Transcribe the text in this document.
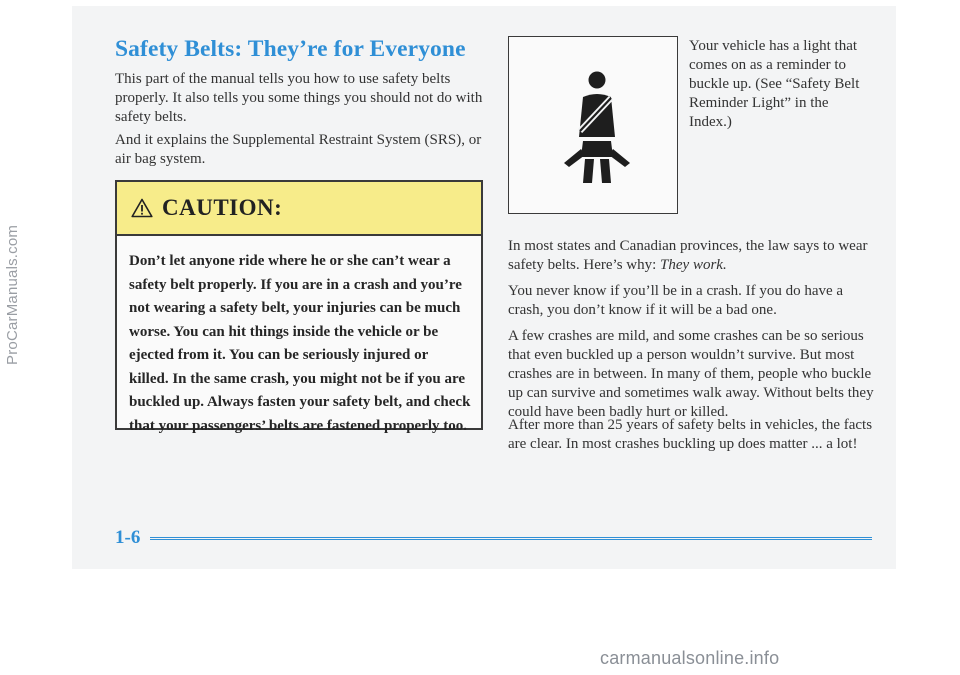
ProCarManuals.com
Safety Belts: They’re for Everyone

This part of the manual tells you how to use safety belts properly. It also tells you some things you should not do with safety belts.

And it explains the Supplemental Restraint System (SRS), or air bag system.

CAUTION:
Don’t let anyone ride where he or she can’t wear a safety belt properly. If you are in a crash and you’re not wearing a safety belt, your injuries can be much worse. You can hit things inside the vehicle or be ejected from it. You can be seriously injured or killed. In the same crash, you might not be if you are buckled up. Always fasten your safety belt, and check that your passengers’ belts are fastened properly too.

Your vehicle has a light that comes on as a reminder to buckle up. (See “Safety Belt Reminder Light” in the Index.)

In most states and Canadian provinces, the law says to wear safety belts. Here’s why: They work.

You never know if you’ll be in a crash. If you do have a crash, you don’t know if it will be a bad one.

A few crashes are mild, and some crashes can be so serious that even buckled up a person wouldn’t survive. But most crashes are in between. In many of them, people who buckle up can survive and sometimes walk away. Without belts they could have been badly hurt or killed.

After more than 25 years of safety belts in vehicles, the facts are clear. In most crashes buckling up does matter ... a lot!

1-6
carmanualsonline.info
